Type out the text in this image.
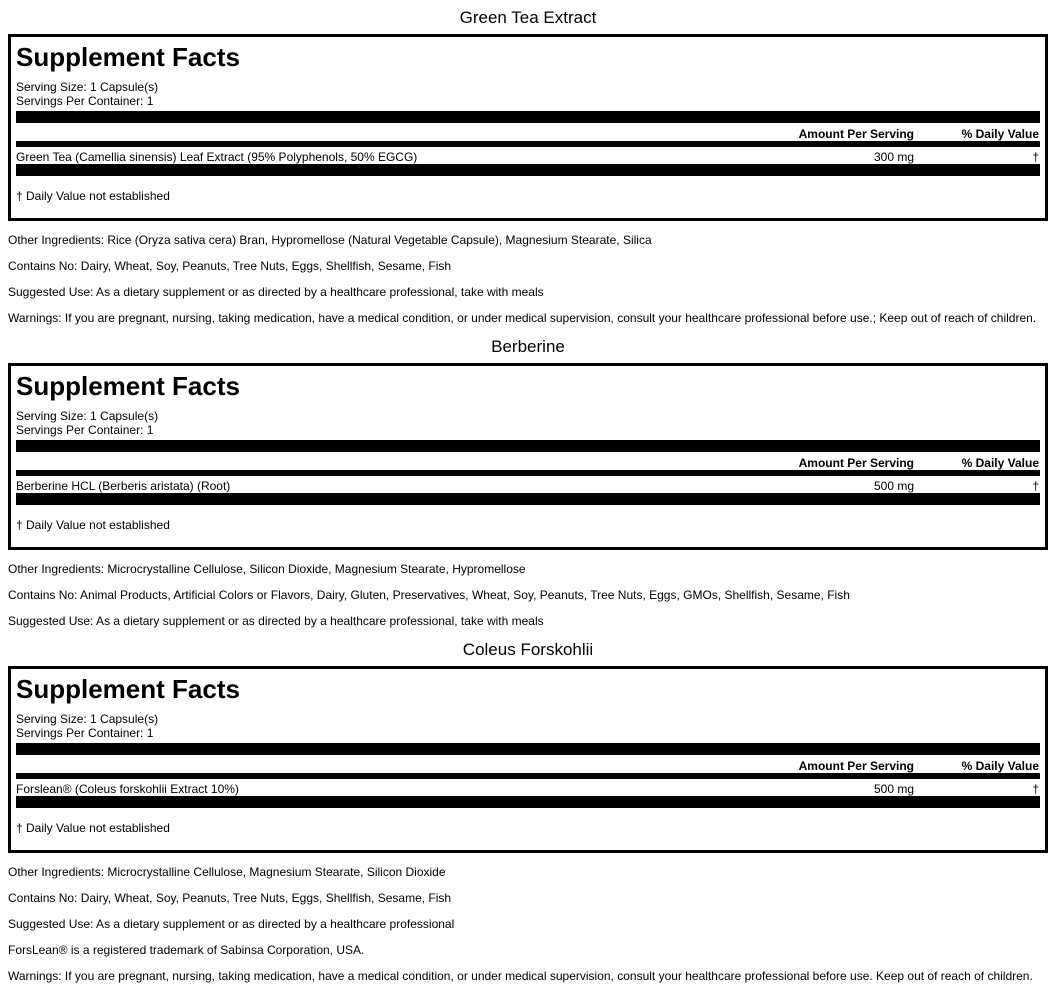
Green Tea Extract
Supplement Facts
Serving Size: 1 Capsule(s)
Servings Per Container: 1
Amount Per Serving	% Daily Value
Green Tea (Camellia sinensis) Leaf Extract (95% Polyphenols, 50% EGCG)	300 mg	†
† Daily Value not established
Other Ingredients: Rice (Oryza sativa cera) Bran, Hypromellose (Natural Vegetable Capsule), Magnesium Stearate, Silica
Contains No: Dairy, Wheat, Soy, Peanuts, Tree Nuts, Eggs, Shellfish, Sesame, Fish
Suggested Use: As a dietary supplement or as directed by a healthcare professional, take with meals
Warnings: If you are pregnant, nursing, taking medication, have a medical condition, or under medical supervision, consult your healthcare professional before use.; Keep out of reach of children.
Berberine
Supplement Facts
Serving Size: 1 Capsule(s)
Servings Per Container: 1
Amount Per Serving	% Daily Value
Berberine HCL (Berberis aristata) (Root)	500 mg	†
† Daily Value not established
Other Ingredients: Microcrystalline Cellulose, Silicon Dioxide, Magnesium Stearate, Hypromellose
Contains No: Animal Products, Artificial Colors or Flavors, Dairy, Gluten, Preservatives, Wheat, Soy, Peanuts, Tree Nuts, Eggs, GMOs, Shellfish, Sesame, Fish
Suggested Use: As a dietary supplement or as directed by a healthcare professional, take with meals
Coleus Forskohlii
Supplement Facts
Serving Size: 1 Capsule(s)
Servings Per Container: 1
Amount Per Serving	% Daily Value
Forslean® (Coleus forskohlii Extract 10%)	500 mg	†
† Daily Value not established
Other Ingredients: Microcrystalline Cellulose, Magnesium Stearate, Silicon Dioxide
Contains No: Dairy, Wheat, Soy, Peanuts, Tree Nuts, Eggs, Shellfish, Sesame, Fish
Suggested Use: As a dietary supplement or as directed by a healthcare professional
ForsLean® is a registered trademark of Sabinsa Corporation, USA.
Warnings: If you are pregnant, nursing, taking medication, have a medical condition, or under medical supervision, consult your healthcare professional before use. Keep out of reach of children.
